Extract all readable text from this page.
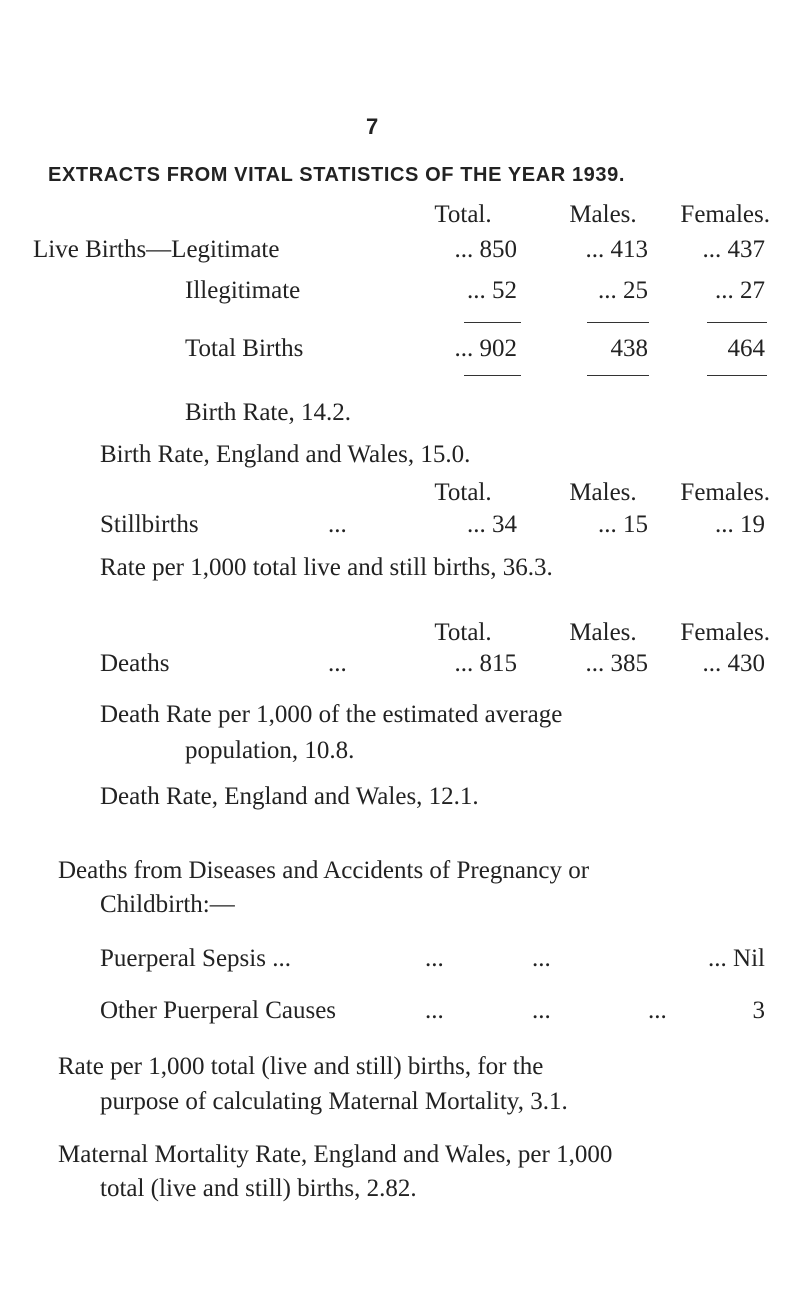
7
EXTRACTS FROM VITAL STATISTICS OF THE YEAR 1939.
Total.	Males.	Females.
Live Births—Legitimate	... 850	... 413	... 437
Illegitimate	... 52	... 25	... 27
Total Births	... 902	438	464
Birth Rate, 14.2.
Birth Rate, England and Wales, 15.0.
Total.	Males.	Females.
Stillbirths	...	... 34	... 15	... 19
Rate per 1,000 total live and still births, 36.3.
Total.	Males.	Females.
Deaths	...	... 815	... 385	... 430
Death Rate per 1,000 of the estimated average
population, 10.8.
Death Rate, England and Wales, 12.1.
Deaths from Diseases and Accidents of Pregnancy or
Childbirth:—
Puerperal Sepsis ...	...	...	... Nil
Other Puerperal Causes	...	...	...	3
Rate per 1,000 total (live and still) births, for the
purpose of calculating Maternal Mortality, 3.1.
Maternal Mortality Rate, England and Wales, per 1,000
total (live and still) births, 2.82.
